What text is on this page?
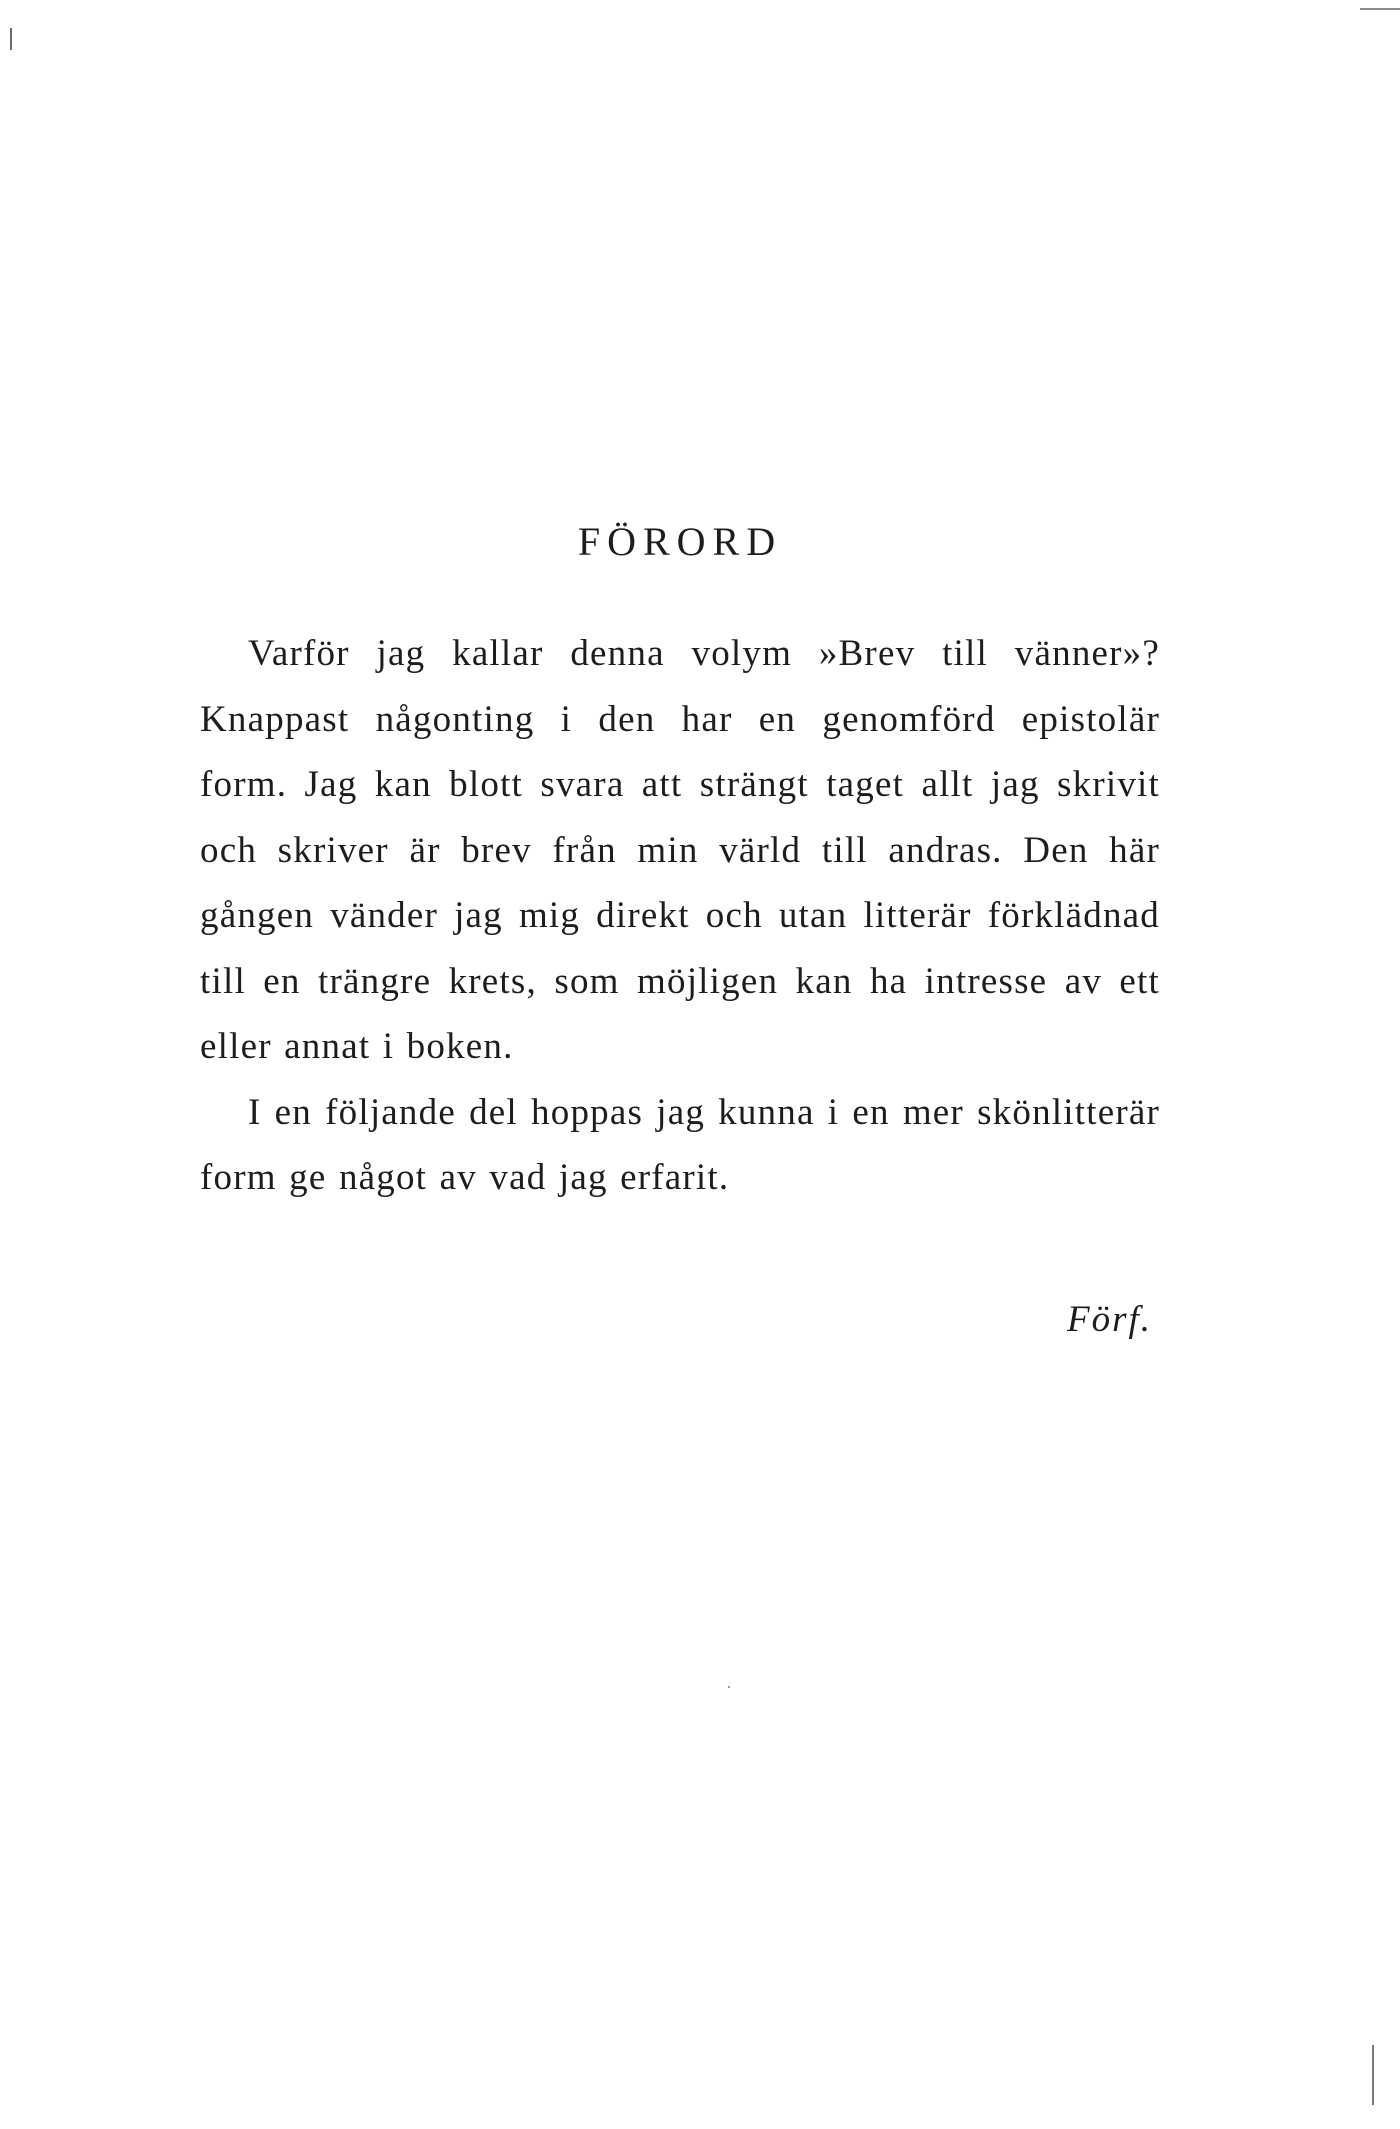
FÖRORD

Varför jag kallar denna volym »Brev till vänner»? Knappast någonting i den har en genomförd epistolär form. Jag kan blott svara att strängt taget allt jag skrivit och skriver är brev från min värld till andras. Den här gången vänder jag mig direkt och utan litterär förklädnad till en trängre krets, som möjligen kan ha intresse av ett eller annat i boken.

I en följande del hoppas jag kunna i en mer skönlitterär form ge något av vad jag erfarit.

Förf.
